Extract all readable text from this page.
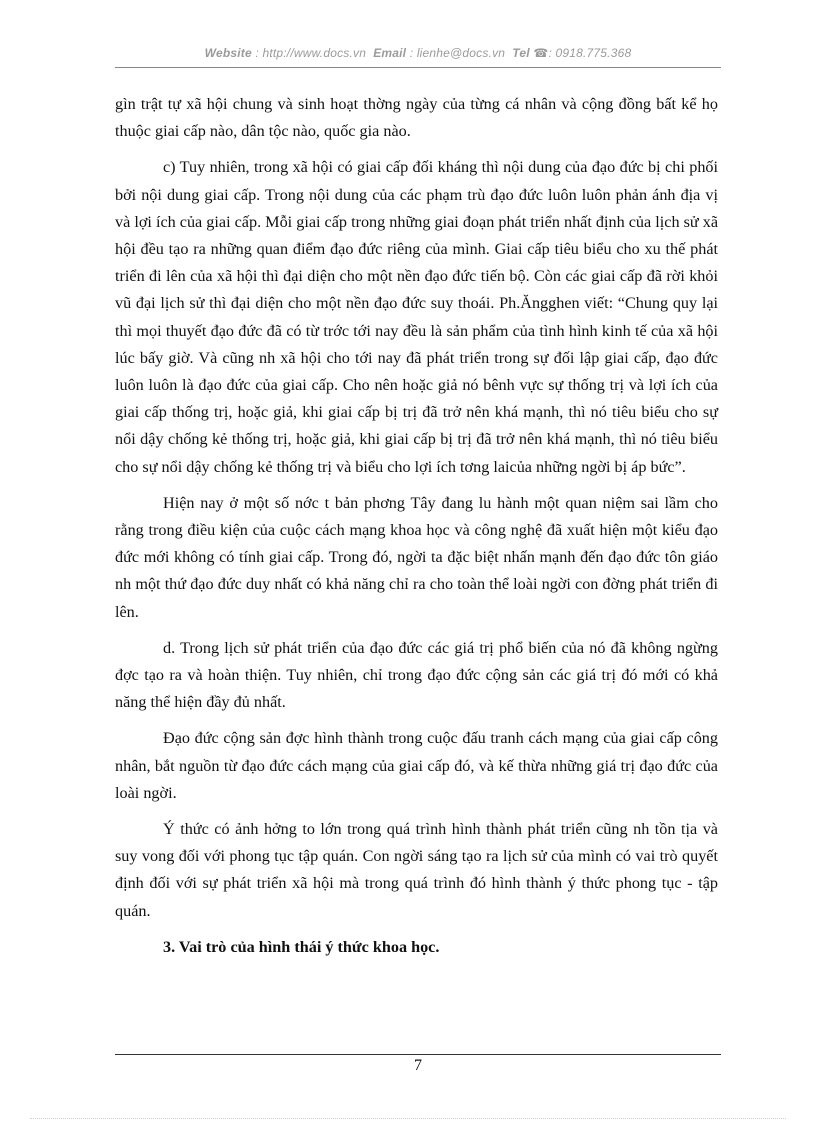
Website : http://www.docs.vn Email : lienhe@docs.vn Tel ☎: 0918.775.368

gìn trật tự xã hội chung và sinh hoạt thờng ngày của từng cá nhân và cộng đồng bất kể họ thuộc giai cấp nào, dân tộc nào, quốc gia nào.

c) Tuy nhiên, trong xã hội có giai cấp đối kháng thì nội dung của đạo đức bị chi phối bởi nội dung giai cấp. Trong nội dung của các phạm trù đạo đức luôn luôn phản ánh địa vị và lợi ích của giai cấp. Mỗi giai cấp trong những giai đoạn phát triển nhất định của lịch sử xã hội đều tạo ra những quan điểm đạo đức riêng của mình. Giai cấp tiêu biểu cho xu thế phát triển đi lên của xã hội thì đại diện cho một nền đạo đức tiến bộ. Còn các giai cấp đã rời khỏi vũ đại lịch sử thì đại diện cho một nền đạo đức suy thoái. Ph.Ăngghen viết: “Chung quy lại thì mọi thuyết đạo đức đã có từ trớc tới nay đều là sản phẩm của tình hình kinh tế của xã hội lúc bấy giờ. Và cũng nh xã hội cho tới nay đã phát triển trong sự đối lập giai cấp, đạo đức luôn luôn là đạo đức của giai cấp. Cho nên hoặc giả nó bênh vực sự thống trị và lợi ích của giai cấp thống trị, hoặc giả, khi giai cấp bị trị đã trở nên khá mạnh, thì nó tiêu biểu cho sự nổi dậy chống kẻ thống trị, hoặc giả, khi giai cấp bị trị đã trở nên khá mạnh, thì nó tiêu biểu cho sự nổi dậy chống kẻ thống trị và biểu cho lợi ích tơng laicủa những ngời bị áp bức”.

Hiện nay ở một số nớc t bản phơng Tây đang lu hành một quan niệm sai lầm cho rằng trong điều kiện của cuộc cách mạng khoa học và công nghệ đã xuất hiện một kiểu đạo đức mới không có tính giai cấp. Trong đó, ngời ta đặc biệt nhấn mạnh đến đạo đức tôn giáo nh một thứ đạo đức duy nhất có khả năng chỉ ra cho toàn thể loài ngời con đờng phát triển đi lên.

d. Trong lịch sử phát triển của đạo đức các giá trị phổ biến của nó đã không ngừng đợc tạo ra và hoàn thiện. Tuy nhiên, chỉ trong đạo đức cộng sản các giá trị đó mới có khả năng thể hiện đầy đủ nhất.

Đạo đức cộng sản đợc hình thành trong cuộc đấu tranh cách mạng của giai cấp công nhân, bắt nguồn từ đạo đức cách mạng của giai cấp đó, và kế thừa những giá trị đạo đức của loài ngời.

Ý thức có ảnh hởng to lớn trong quá trình hình thành phát triển cũng nh tồn tịa và suy vong đối với phong tục tập quán. Con ngời sáng tạo ra lịch sử của mình có vai trò quyết định đối với sự phát triển xã hội mà trong quá trình đó hình thành ý thức phong tục - tập quán.

3. Vai trò của hình thái ý thức khoa học.

7
